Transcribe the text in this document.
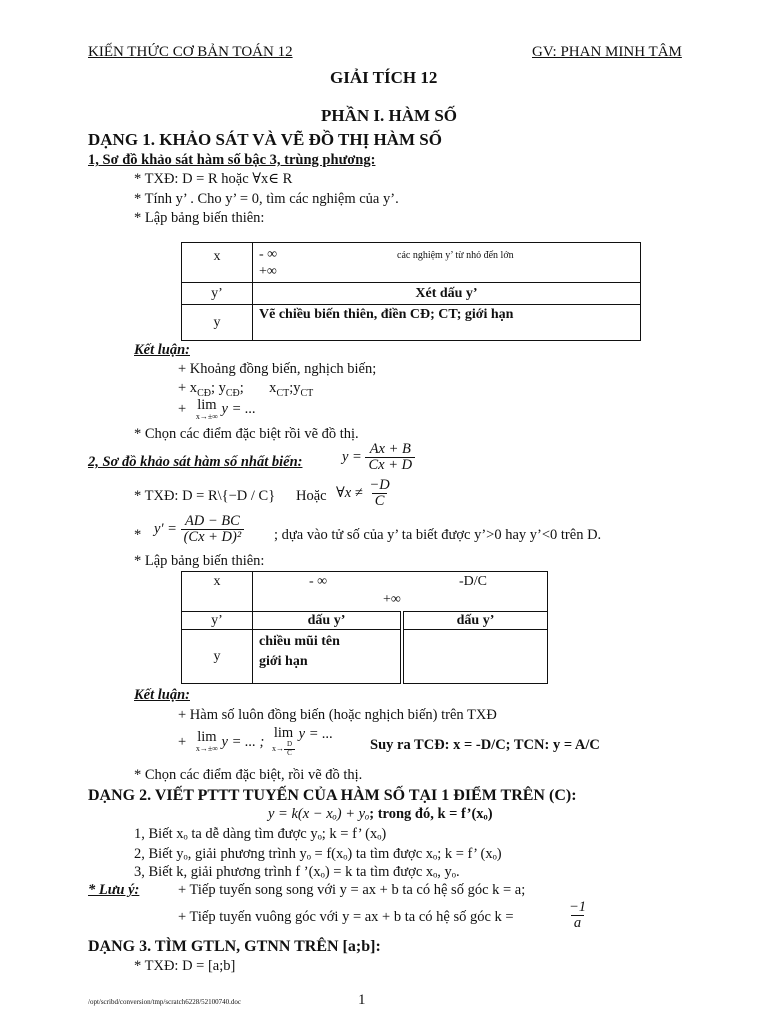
KIẾN THỨC CƠ BẢN TOÁN 12	GV: PHAN MINH TÂM
GIẢI TÍCH 12
PHẦN I. HÀM SỐ
DẠNG 1. KHẢO SÁT VÀ VẼ ĐỒ THỊ HÀM SỐ
1, Sơ đồ khảo sát hàm số bậc 3, trùng phương:
* TXĐ: D = R hoặc ∀x∈ R
* Tính y’ . Cho y’ = 0, tìm các nghiệm của y’.
* Lập bảng biến thiên:
x	- ∞ các nghiệm y’ từ nhỏ đến lớn
+∞

y’	Xét dấu y’
y	Vẽ chiều biến thiên, điền CĐ; CT; giới hạn
Kết luận:
+ Khoảng đồng biến, nghịch biến;
+ $x_{CĐ}$; $y_{CĐ}$;       $x_{CT};y_{CT}$
+ lim
x→±∞ y = ...
* Chọn các điểm đặc biệt rồi vẽ đồ thị.
2, Sơ đồ khảo sát hàm số nhất biến:	$y = \frac{Ax + B}{Cx + D}$
* TXĐ: D = R\{−D / C} Hoặc ∀x ≠ $\frac{-D}{C}$
* $y' = \frac{AD - BC}{\text{(Cx + D)²}}$ ; dựa vào tử số của y’ ta biết được y’>0 hay y’<0 trên D.
* Lập bảng biến thiên:
x	- ∞ -D/C
+∞	

y’	dấu y’	dấu y’
y	chiều mũi tên
giới hạn	

Kết luận:
+ Hàm số luôn đồng biến (hoặc nghịch biến) trên TXĐ
+ lim
x→±∞ y = ... ;
lim
$x\to \frac{D}{C}$
y = ...
Suy ra TCĐ: x = -D/C; TCN: y = A/C
* Chọn các điểm đặc biệt, rồi vẽ đồ thị.
DẠNG 2. VIẾT PTTT TUYẾN CỦA HÀM SỐ TẠI 1 ĐIỂM TRÊN (C):
y = k(x − xₒ) + yₒ; trong đó, k = f’(xₒ)
1, Biết xₒ ta dễ dàng tìm được yₒ; k = f’ (xₒ)
2, Biết yₒ, giải phương trình yₒ = f(xₒ) ta tìm được xₒ; k = f’ (xₒ)
3, Biết k, giải phương trình f ’(xₒ) = k ta tìm được xₒ, yₒ.
* Lưu ý:	+ Tiếp tuyến song song với y = ax + b ta có hệ số góc k = a;
+ Tiếp tuyến vuông góc với y = ax + b ta có hệ số góc k =	$\frac{-1}{a}$
DẠNG 3. TÌM GTLN, GTNN TRÊN [a;b]:
* TXĐ: D = [a;b]
/opt/scribd/conversion/tmp/scratch6228/52100740.doc	1
